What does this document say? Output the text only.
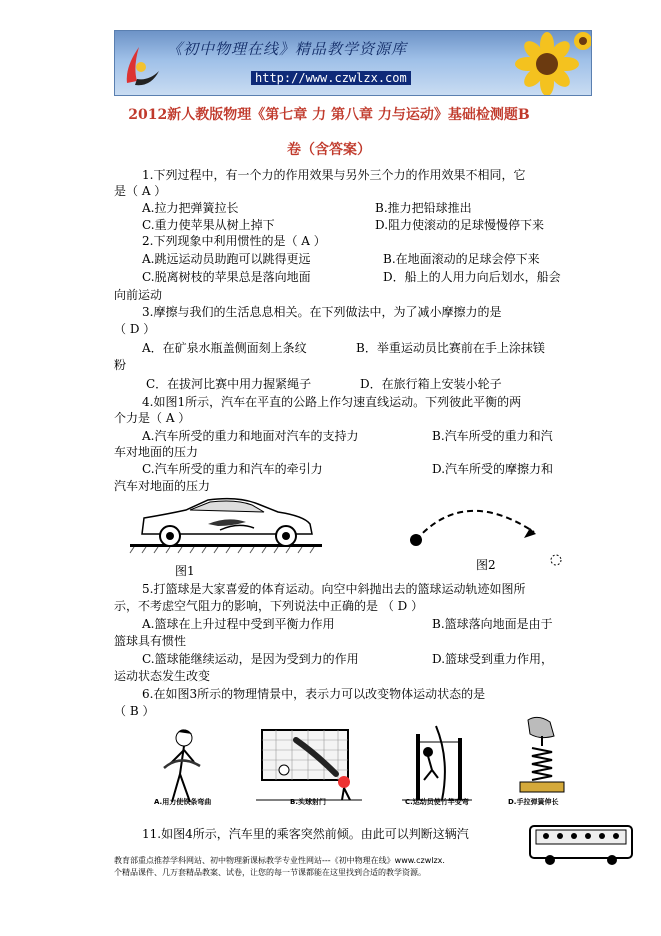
《初中物理在线》精品教学资源库
http://www.czwlzx.com
2012新人教版物理《第七章 力 第八章 力与运动》基础检测题B
卷（含答案）
1.下列过程中，有一个力的作用效果与另外三个力的作用效果不相同，它
是（ A ）
A.拉力把弹簧拉长	B.推力把铅球推出
C.重力使苹果从树上掉下	D.阻力使滚动的足球慢慢停下来
2.下列现象中利用惯性的是（ A ）
A.跳远运动员助跑可以跳得更远	B.在地面滚动的足球会停下来
C.脱离树枝的苹果总是落向地面	D．船上的人用力向后划水，船会
向前运动
3.摩擦与我们的生活息息相关。在下列做法中，为了减小摩擦力的是
（ D ）
A．在矿泉水瓶盖侧面刻上条纹	B．举重运动员比赛前在手上涂抹镁
粉
C．在拔河比赛中用力握紧绳子	D．在旅行箱上安装小轮子
4.如图1所示，汽车在平直的公路上作匀速直线运动。下列彼此平衡的两
个力是（ A ）
A.汽车所受的重力和地面对汽车的支持力	B.汽车所受的重力和汽
车对地面的压力
C.汽车所受的重力和汽车的牵引力	D.汽车所受的摩擦力和
汽车对地面的压力
图1	图2
5.打篮球是大家喜爱的体育运动。向空中斜抛出去的篮球运动轨迹如图所
示，不考虑空气阻力的影响，下列说法中正确的是 （ D ）
A.篮球在上升过程中受到平衡力作用	B.篮球落向地面是由于
篮球具有惯性
C.篮球能继续运动，是因为受到力的作用	D.篮球受到重力作用，
运动状态发生改变
6.在如图3所示的物理情景中，表示力可以改变物体运动状态的是
（ B ）
A.用力使铁条弯曲	B.头球射门	C.运动员使竹竿变弯	D.手拉弹簧伸长
11.如图4所示，汽车里的乘客突然前倾。由此可以判断这辆汽
教育部重点推荐学科网站、初中物理新课标教学专业性网站---《初中物理在线》www.czwlzx.
个精品课件、几万套精品教案、试卷，让您的每一节课都能在这里找到合适的教学资源。
